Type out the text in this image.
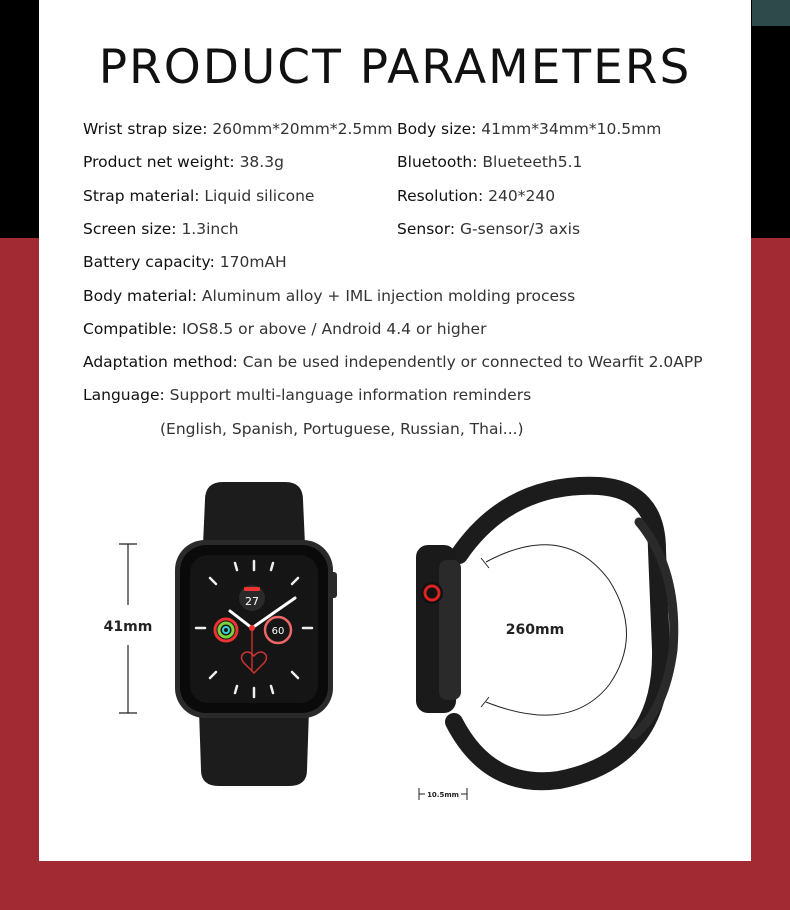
PRODUCT PARAMETERS
Wrist strap size: 260mm*20mm*2.5mm
Product net weight: 38.3g
Strap material: Liquid silicone
Screen size: 1.3inch
Battery capacity: 170mAH
Body size: 41mm*34mm*10.5mm
Bluetooth: Blueteeth5.1
Resolution: 240*240
Sensor: G-sensor/3 axis
Body material: Aluminum alloy + IML injection molding process
Compatible: IOS8.5 or above / Android 4.4 or higher
Adaptation method: Can be used independently or connected to Wearfit 2.0APP
Language: Support multi-language information reminders
(English, Spanish, Portuguese, Russian, Thai...)
41mm
27
60	260mm
10.5mm
